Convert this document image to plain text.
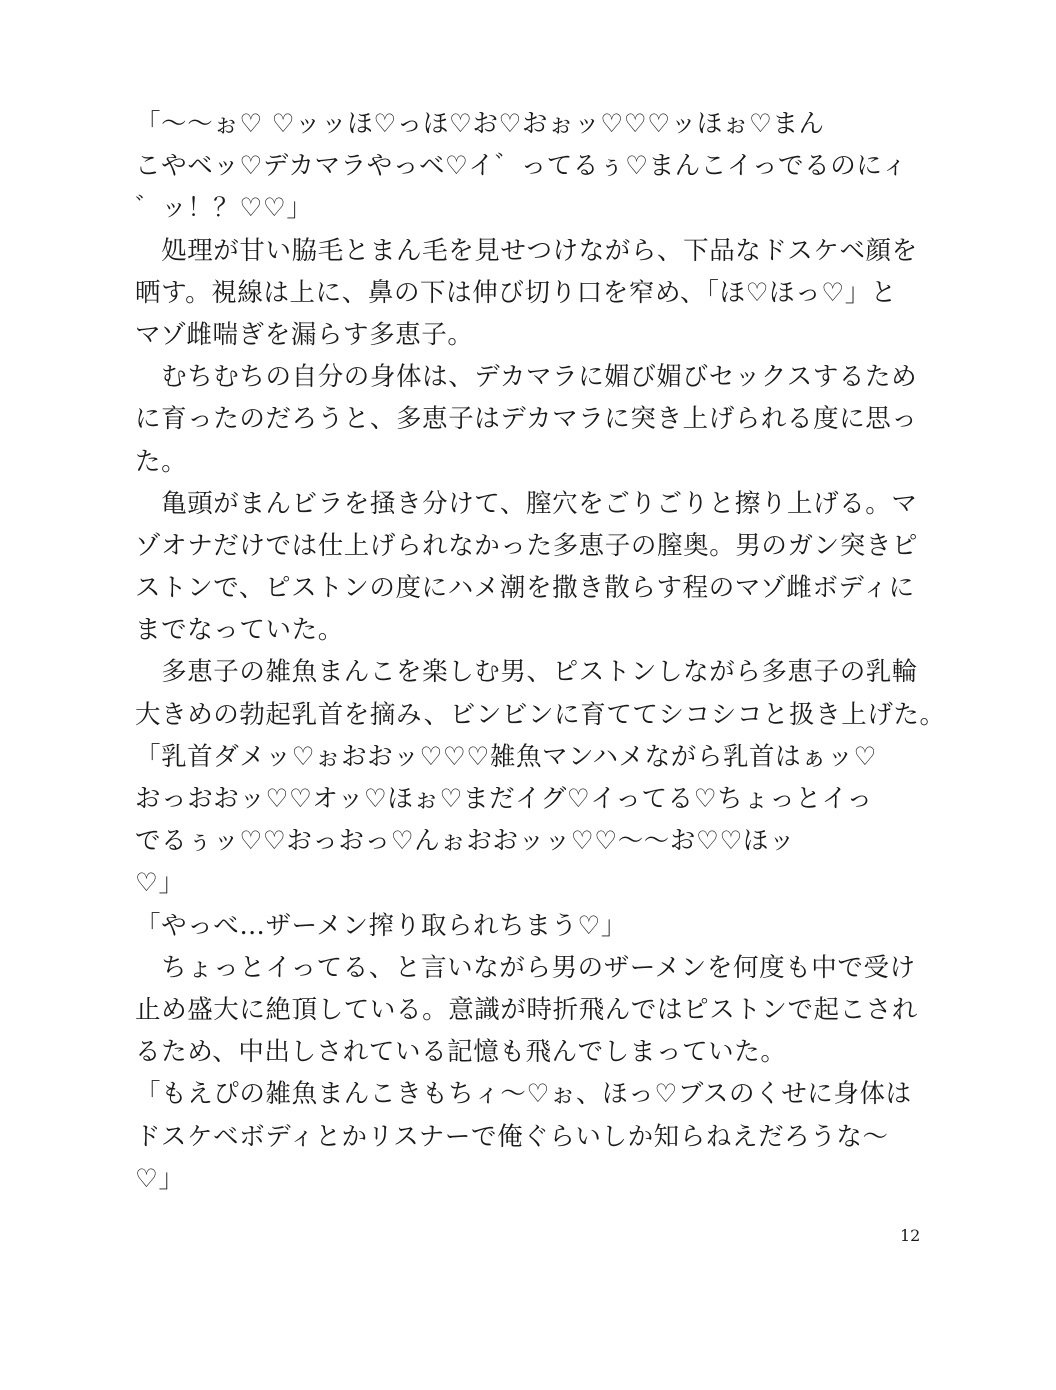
「〜〜ぉ♡ ♡ッッほ♡っほ♡お♡おぉッ♡♡♡ッほぉ♡まん
こやベッ♡デカマラやっベ♡イ゛ってるぅ♡まんこイっでるのにィ
゛ッ！？♡♡」
　処理が甘い脇毛とまん毛を見せつけながら、下品なドスケベ顔を
晒す。視線は上に、鼻の下は伸び切り口を窄め、「ほ♡ほっ♡」と
マゾ雌喘ぎを漏らす多恵子。
　むちむちの自分の身体は、デカマラに媚び媚びセックスするため
に育ったのだろうと、多恵子はデカマラに突き上げられる度に思っ
た。
　亀頭がまんビラを掻き分けて、膣穴をごりごりと擦り上げる。マ
ゾオナだけでは仕上げられなかった多恵子の膣奥。男のガン突きピ
ストンで、ピストンの度にハメ潮を撒き散らす程のマゾ雌ボディに
までなっていた。
　多恵子の雑魚まんこを楽しむ男、ピストンしながら多恵子の乳輪
大きめの勃起乳首を摘み、ビンビンに育ててシコシコと扱き上げた。
「乳首ダメッ♡ぉおおッ♡♡♡雑魚マンハメながら乳首はぁッ♡
おっおおッ♡♡オッ♡ほぉ♡まだイグ♡イってる♡ちょっとイっ
でるぅッ♡♡おっおっ♡んぉおおッッ♡♡〜〜お♡♡ほッ
♡」
「やっべ…ザーメン搾り取られちまう♡」
　ちょっとイってる、と言いながら男のザーメンを何度も中で受け
止め盛大に絶頂している。意識が時折飛んではピストンで起こされ
るため、中出しされている記憶も飛んでしまっていた。
「もえぴの雑魚まんこきもちィ〜♡ぉ、ほっ♡ブスのくせに身体は
ドスケベボディとかリスナーで俺ぐらいしか知らねえだろうな〜
♡」
12
